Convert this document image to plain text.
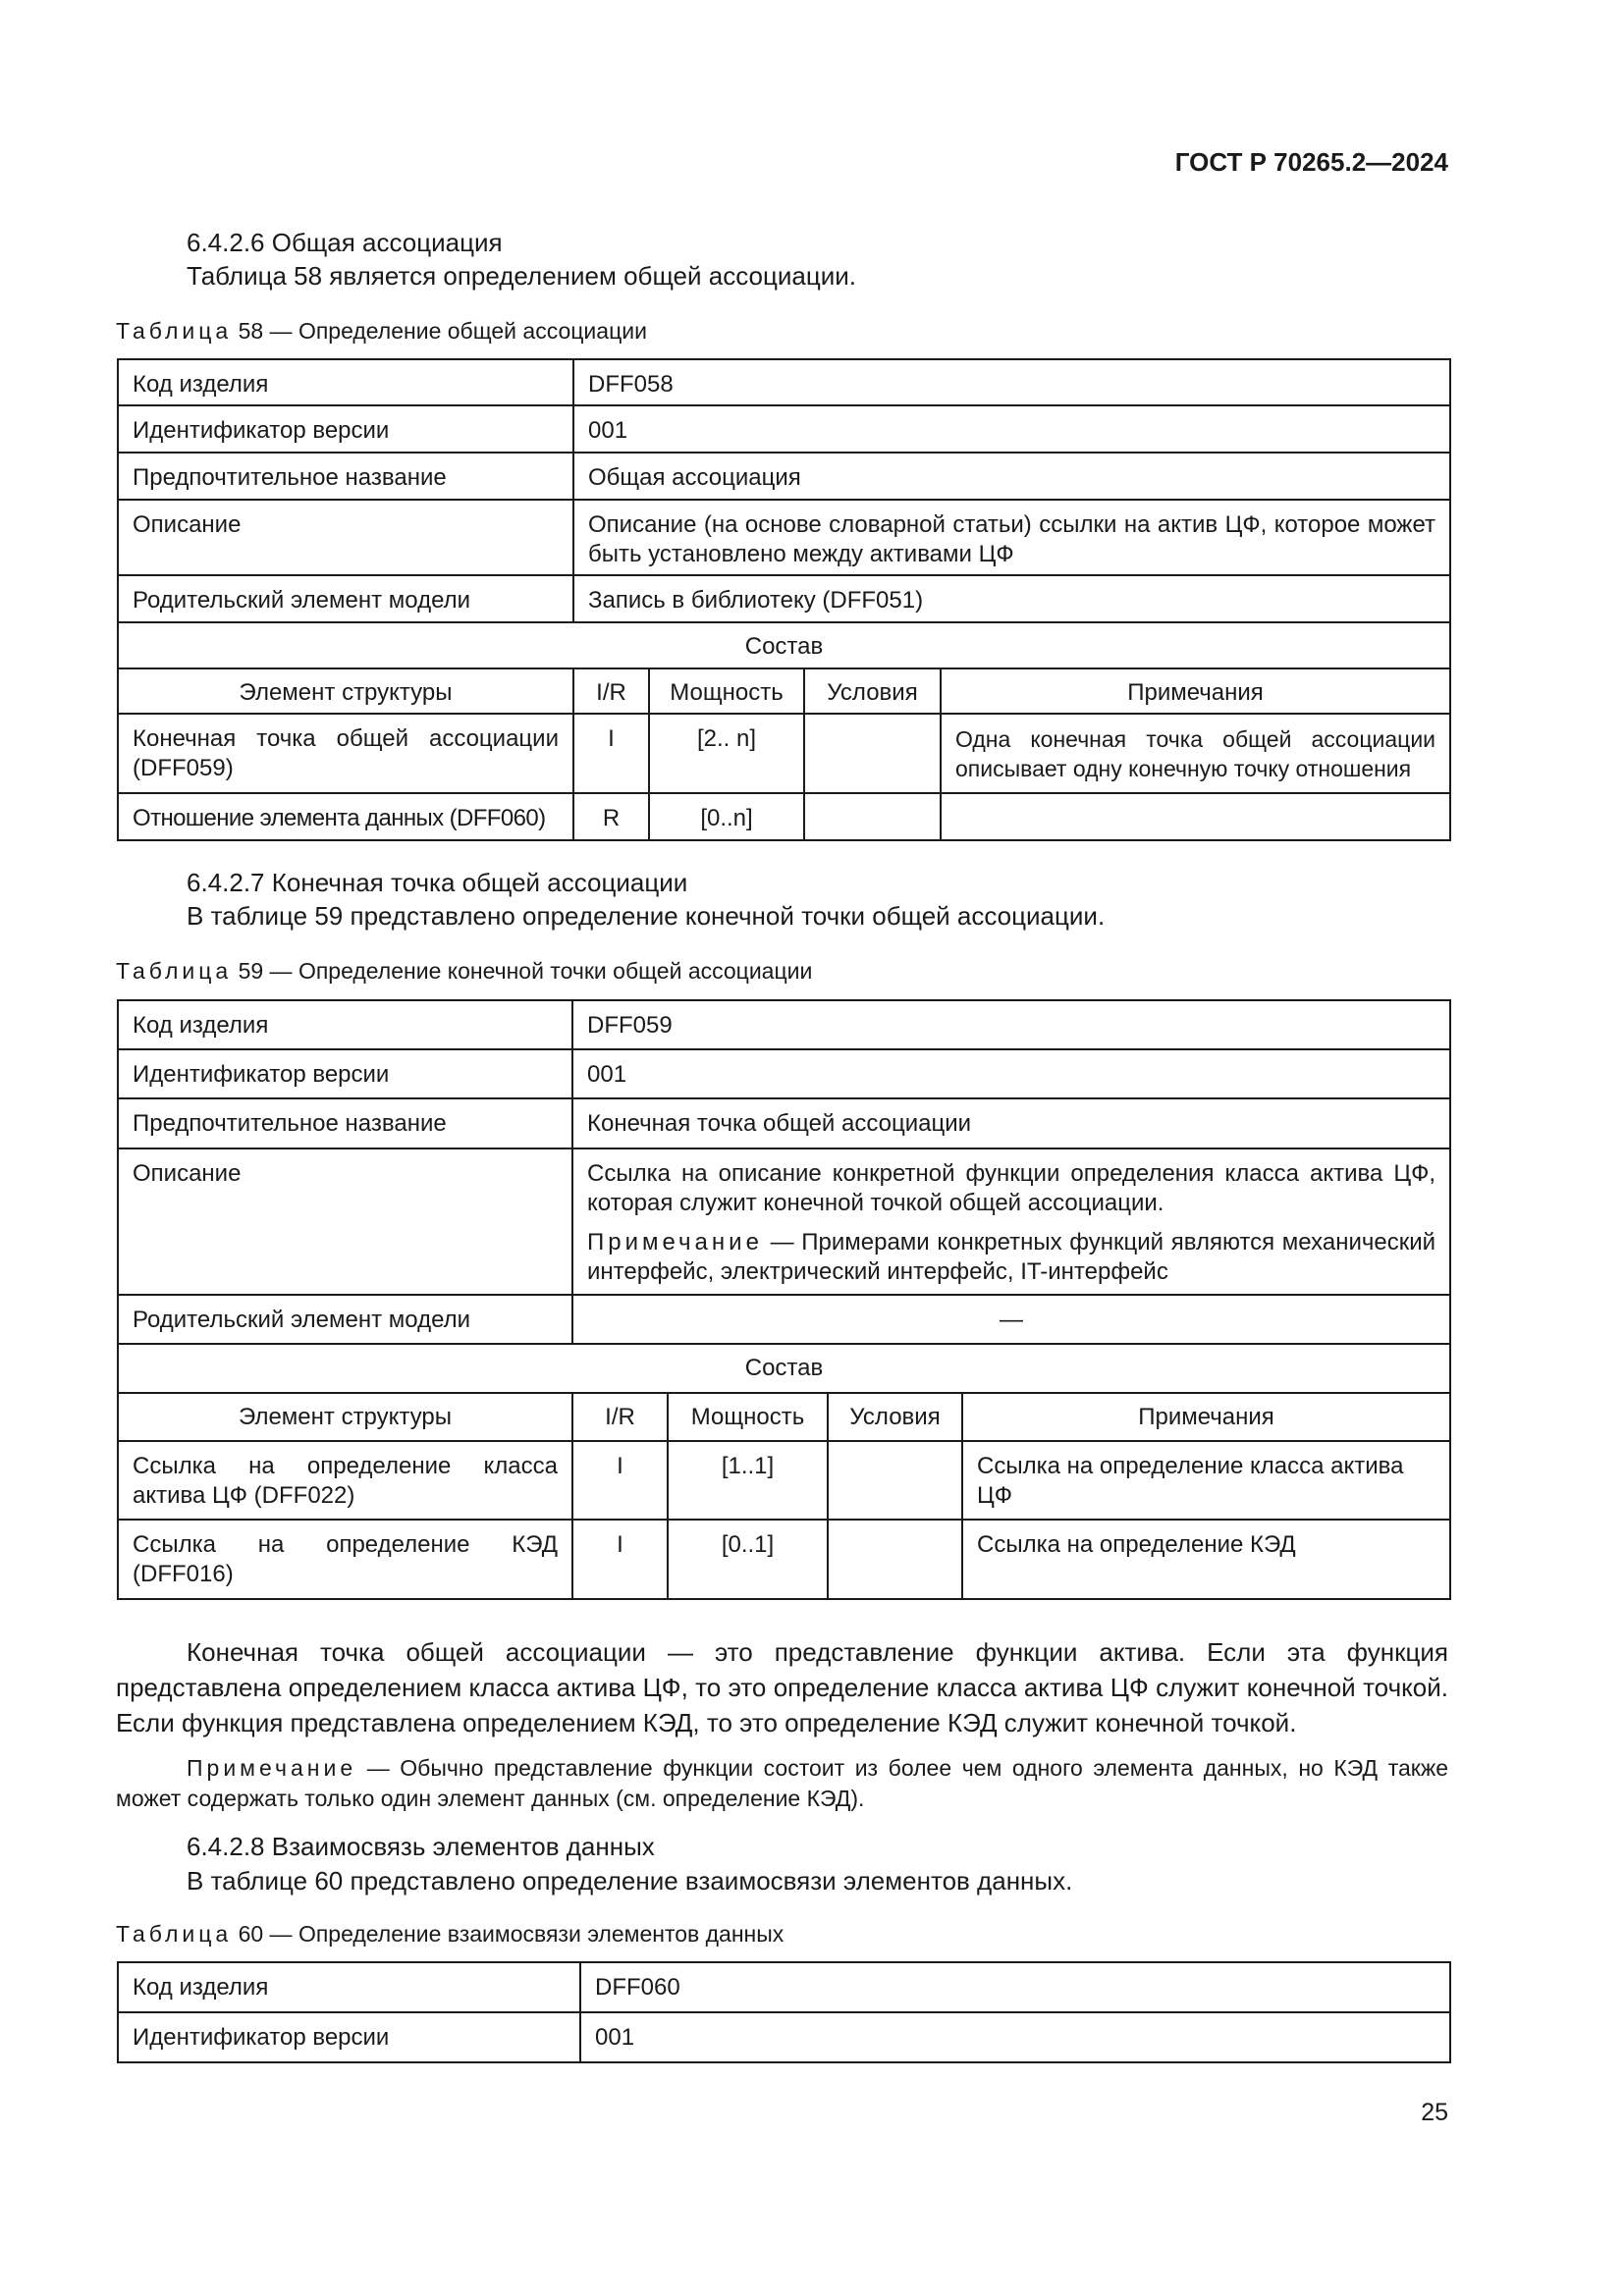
ГОСТ Р 70265.2—2024
6.4.2.6 Общая ассоциация
Таблица 58 является определением общей ассоциации.
Таблица 58 — Определение общей ассоциации
Код изделия	DFF058			
Идентификатор версии	001			
Предпочтительное название	Общая ассоциация			
Описание	Описание (на основе словарной статьи) ссылки на актив ЦФ, которое может быть установлено между активами ЦФ			
Родительский элемент модели	Запись в библиотеку (DFF051)			
Состав				
Элемент структуры	I/R	Мощность	Условия	Примечания
Конечная точка общей ассоциации (DFF059)	I	[2.. n]		Одна конечная точка общей ассоциации описывает одну конечную точку отношения
Отношение элемента данных (DFF060)	R	[0..n]		
6.4.2.7 Конечная точка общей ассоциации
В таблице 59 представлено определение конечной точки общей ассоциации.
Таблица 59 — Определение конечной точки общей ассоциации
Код изделия	DFF059			
Идентификатор версии	001			
Предпочтительное название	Конечная точка общей ассоциации			
Описание	Ссылка на описание конкретной функции определения класса актива ЦФ, которая служит конечной точкой общей ассоциации.
Примечание — Примерами конкретных функций являются механический интерфейс, электрический интерфейс, IT-интерфейс			

Родительский элемент модели	—			
Состав				
Элемент структуры	I/R	Мощность	Условия	Примечания
Ссылка на определение класса актива ЦФ (DFF022)	I	[1..1]		Ссылка на определение класса актива ЦФ
Ссылка на определение КЭД (DFF016)	I	[0..1]		Ссылка на определение КЭД

Конечная точка общей ассоциации — это представление функции актива. Если эта функция представлена определением класса актива ЦФ, то это определение класса актива ЦФ служит конечной точкой. Если функция представлена определением КЭД, то это определение КЭД служит конечной точкой.

Примечание — Обычно представление функции состоит из более чем одного элемента данных, но КЭД также может содержать только один элемент данных (см. определение КЭД).

6.4.2.8 Взаимосвязь элементов данных
В таблице 60 представлено определение взаимосвязи элементов данных.
Таблица 60 — Определение взаимосвязи элементов данных
Код изделия	DFF060
Идентификатор версии	001
25
